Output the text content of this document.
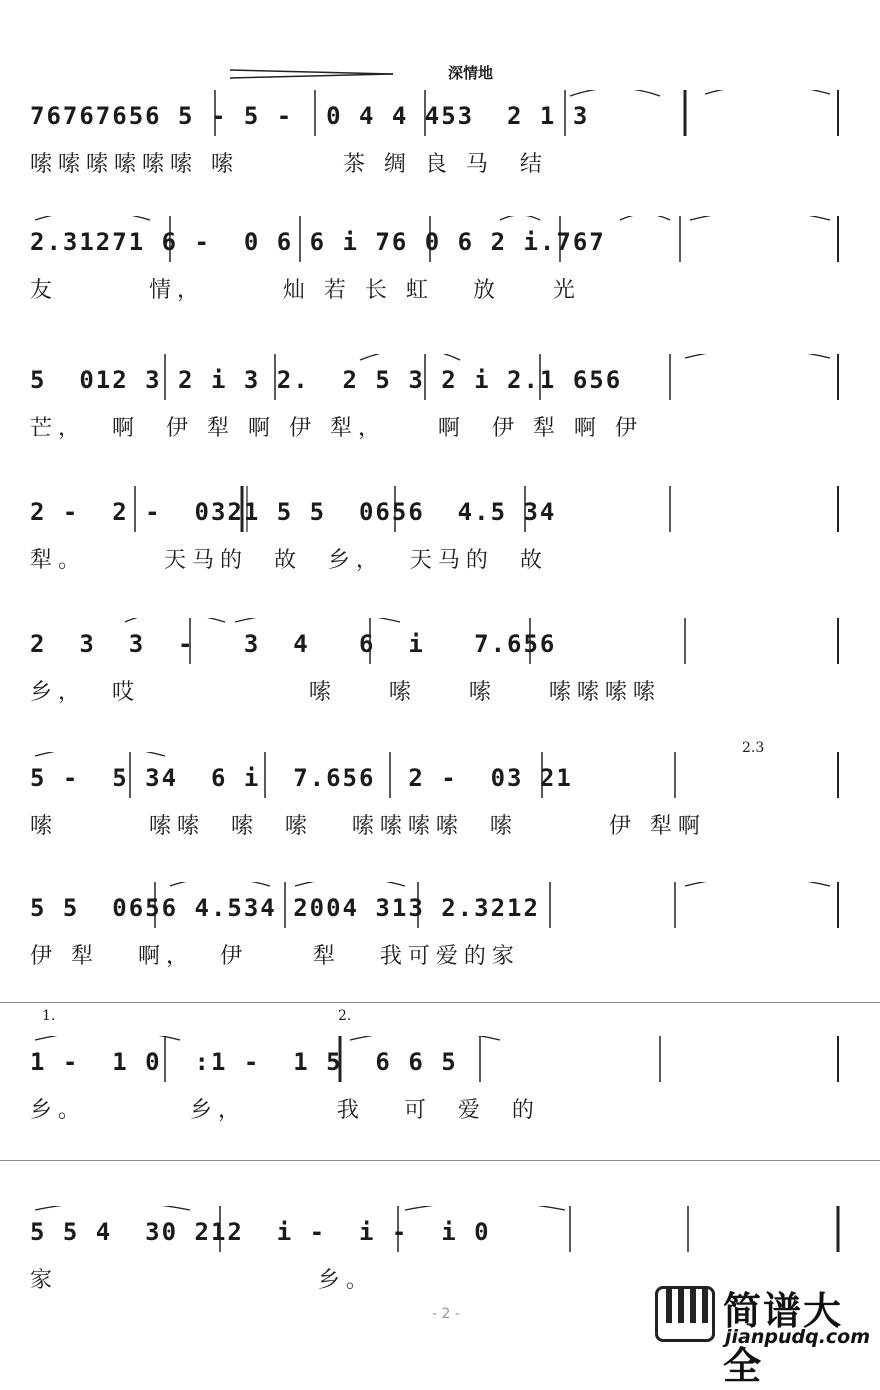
深情地
76767656 5 - 5 -  0 4 4 453  2 1 3
嗦嗦嗦嗦嗦嗦 嗦        茶 绸 良 马  结
2.31271 6 -  0 6 6 i 76 0 6 2 i.767
友       情，      灿 若 长 虹   放    光
5  012 3 2 i 3 2.  2 5 3 2 i 2.1 656
芒，  啊  伊 犁 啊 伊 犁，    啊  伊 犁 啊 伊
2 -  2 -  0321 5 5  0656  4.5 34
犁。      天马的  故  乡，  天马的  故
2  3  3  -   3  4   6  i   7.656
乡，  哎             嗦    嗦    嗦    嗦嗦嗦嗦
5 -  5 34  6 i  7.656  2 -  03 21
嗦       嗦嗦  嗦  嗦   嗦嗦嗦嗦  嗦       伊 犁啊
2.3
5 5  0656 4.534 2004 313 2.3212
伊 犁   啊，  伊     犁   我可爱的家
1.	2.
1 -  1 0  :1 -  1 5  6 6 5
乡。        乡，       我   可  爱  的
5 5 4  30 212  i -  i -  i 0
家                    乡。
- 2 -	简谱大全
jianpudq.com
